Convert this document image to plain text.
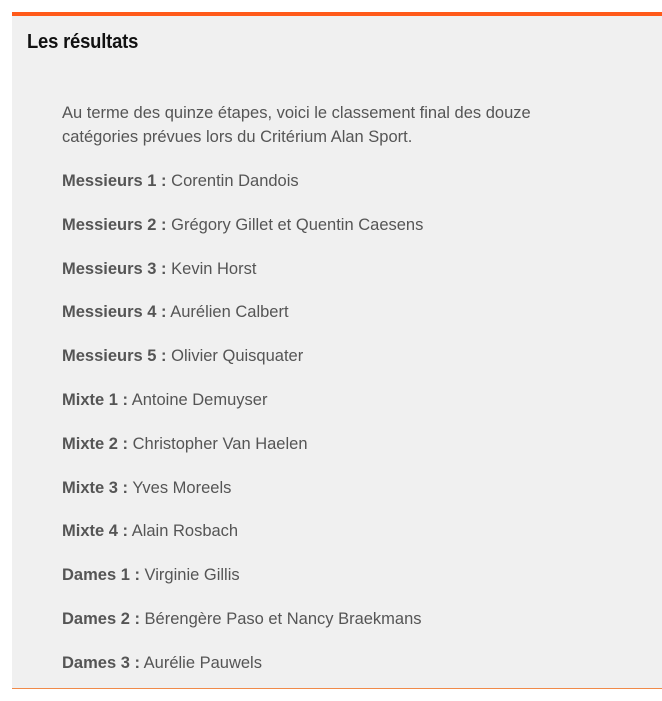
Les résultats

Au terme des quinze étapes, voici le classement final des douze catégories prévues lors du Critérium Alan Sport.

Messieurs 1 : Corentin Dandois
Messieurs 2 : Grégory Gillet et Quentin Caesens
Messieurs 3 : Kevin Horst
Messieurs 4 : Aurélien Calbert
Messieurs 5 : Olivier Quisquater
Mixte 1 : Antoine Demuyser
Mixte 2 : Christopher Van Haelen
Mixte 3 : Yves Moreels
Mixte 4 : Alain Rosbach
Dames 1 : Virginie Gillis
Dames 2 : Bérengère Paso et Nancy Braekmans
Dames 3 : Aurélie Pauwels
